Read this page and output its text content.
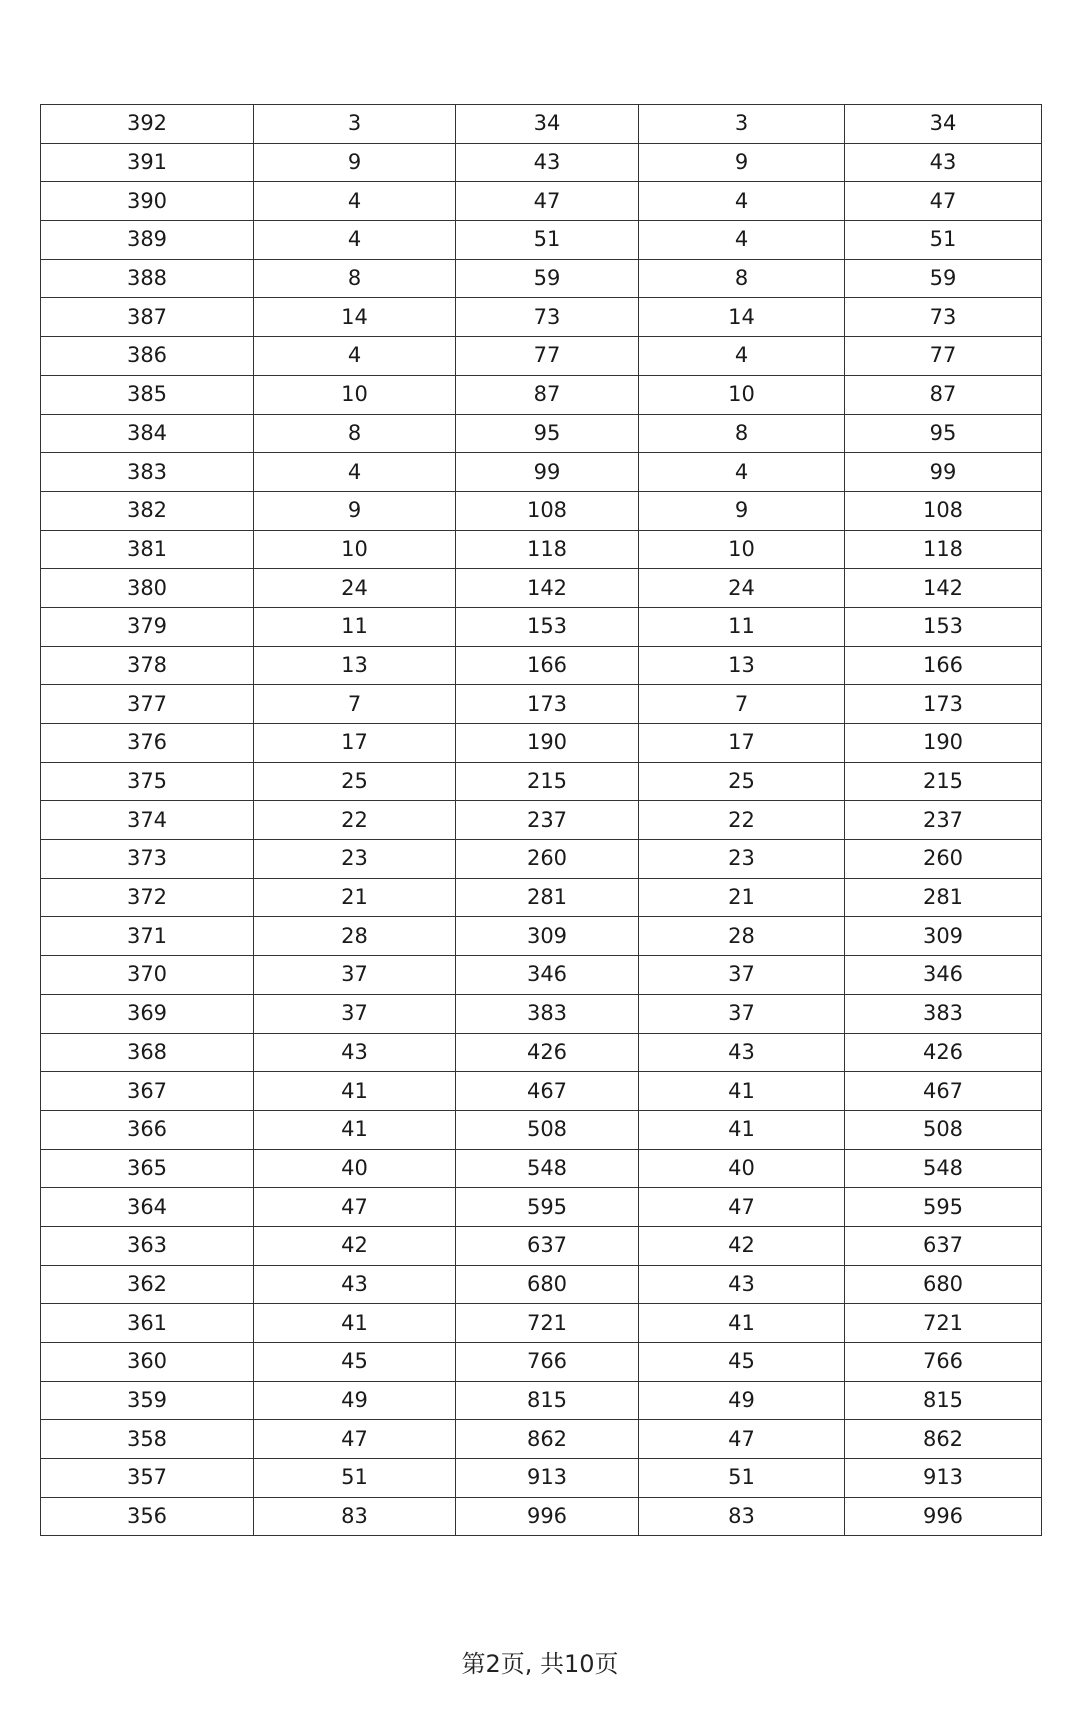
392	3	34	3	34
391	9	43	9	43
390	4	47	4	47
389	4	51	4	51
388	8	59	8	59
387	14	73	14	73
386	4	77	4	77
385	10	87	10	87
384	8	95	8	95
383	4	99	4	99
382	9	108	9	108
381	10	118	10	118
380	24	142	24	142
379	11	153	11	153
378	13	166	13	166
377	7	173	7	173
376	17	190	17	190
375	25	215	25	215
374	22	237	22	237
373	23	260	23	260
372	21	281	21	281
371	28	309	28	309
370	37	346	37	346
369	37	383	37	383
368	43	426	43	426
367	41	467	41	467
366	41	508	41	508
365	40	548	40	548
364	47	595	47	595
363	42	637	42	637
362	43	680	43	680
361	41	721	41	721
360	45	766	45	766
359	49	815	49	815
358	47	862	47	862
357	51	913	51	913
356	83	996	83	996
第2页, 共10页
